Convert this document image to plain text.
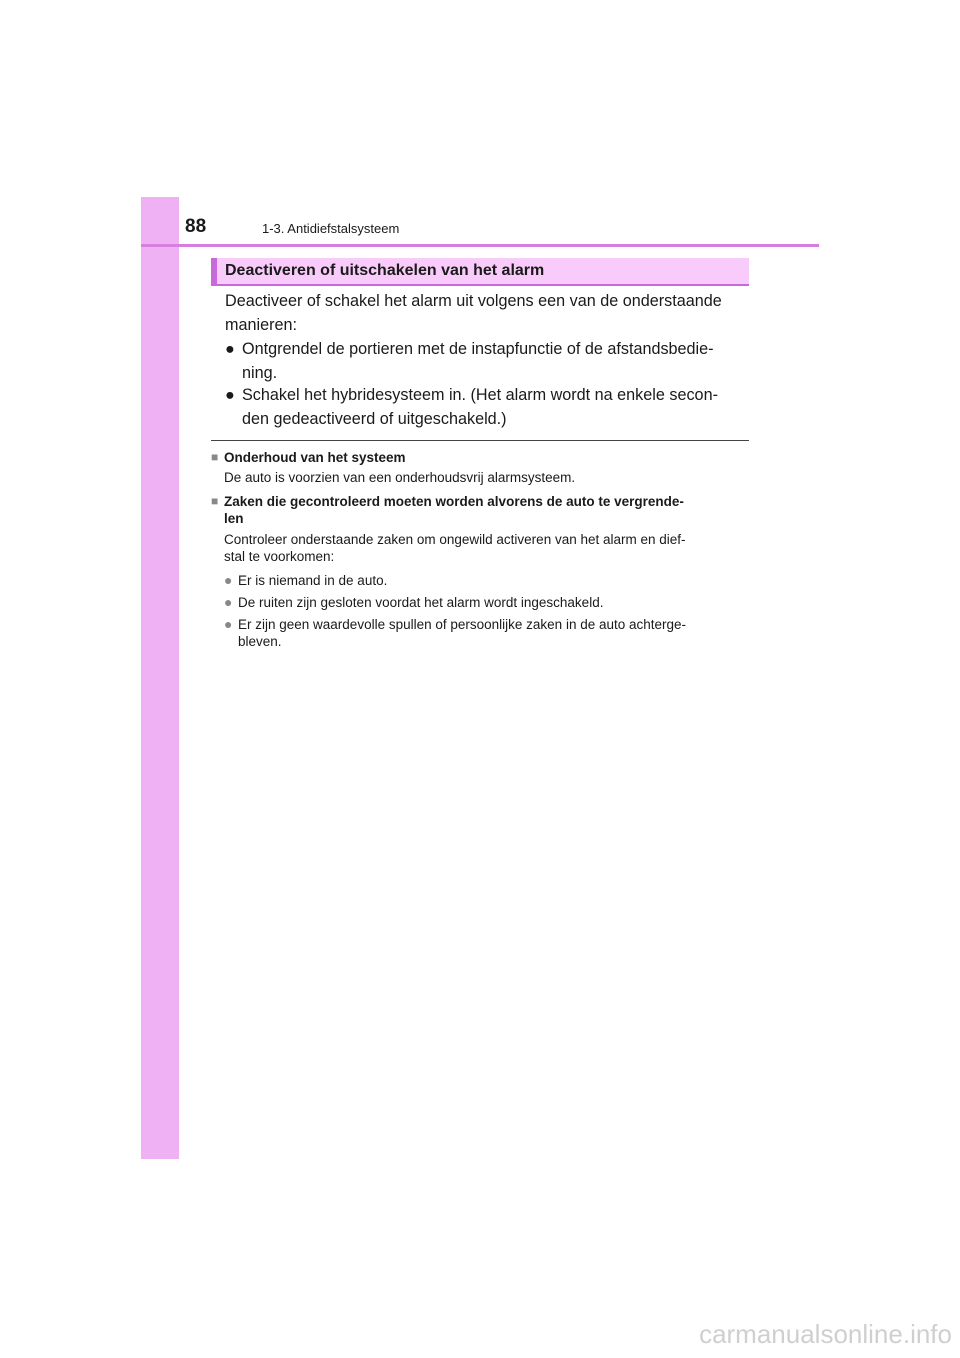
88	1-3. Antidiefstalsysteem
Deactiveren of uitschakelen van het alarm
Deactiveer of schakel het alarm uit volgens een van de onderstaande
manieren:
● Ontgrendel de portieren met de instapfunctie of de afstandsbedie-
ning.
● Schakel het hybridesysteem in. (Het alarm wordt na enkele secon-
den gedeactiveerd of uitgeschakeld.)
■ Onderhoud van het systeem
De auto is voorzien van een onderhoudsvrij alarmsysteem.
■ Zaken die gecontroleerd moeten worden alvorens de auto te vergrende-
len
Controleer onderstaande zaken om ongewild activeren van het alarm en dief-
stal te voorkomen:
● Er is niemand in de auto.
● De ruiten zijn gesloten voordat het alarm wordt ingeschakeld.
● Er zijn geen waardevolle spullen of persoonlijke zaken in de auto achterge-
bleven.
carmanualsonline.info
